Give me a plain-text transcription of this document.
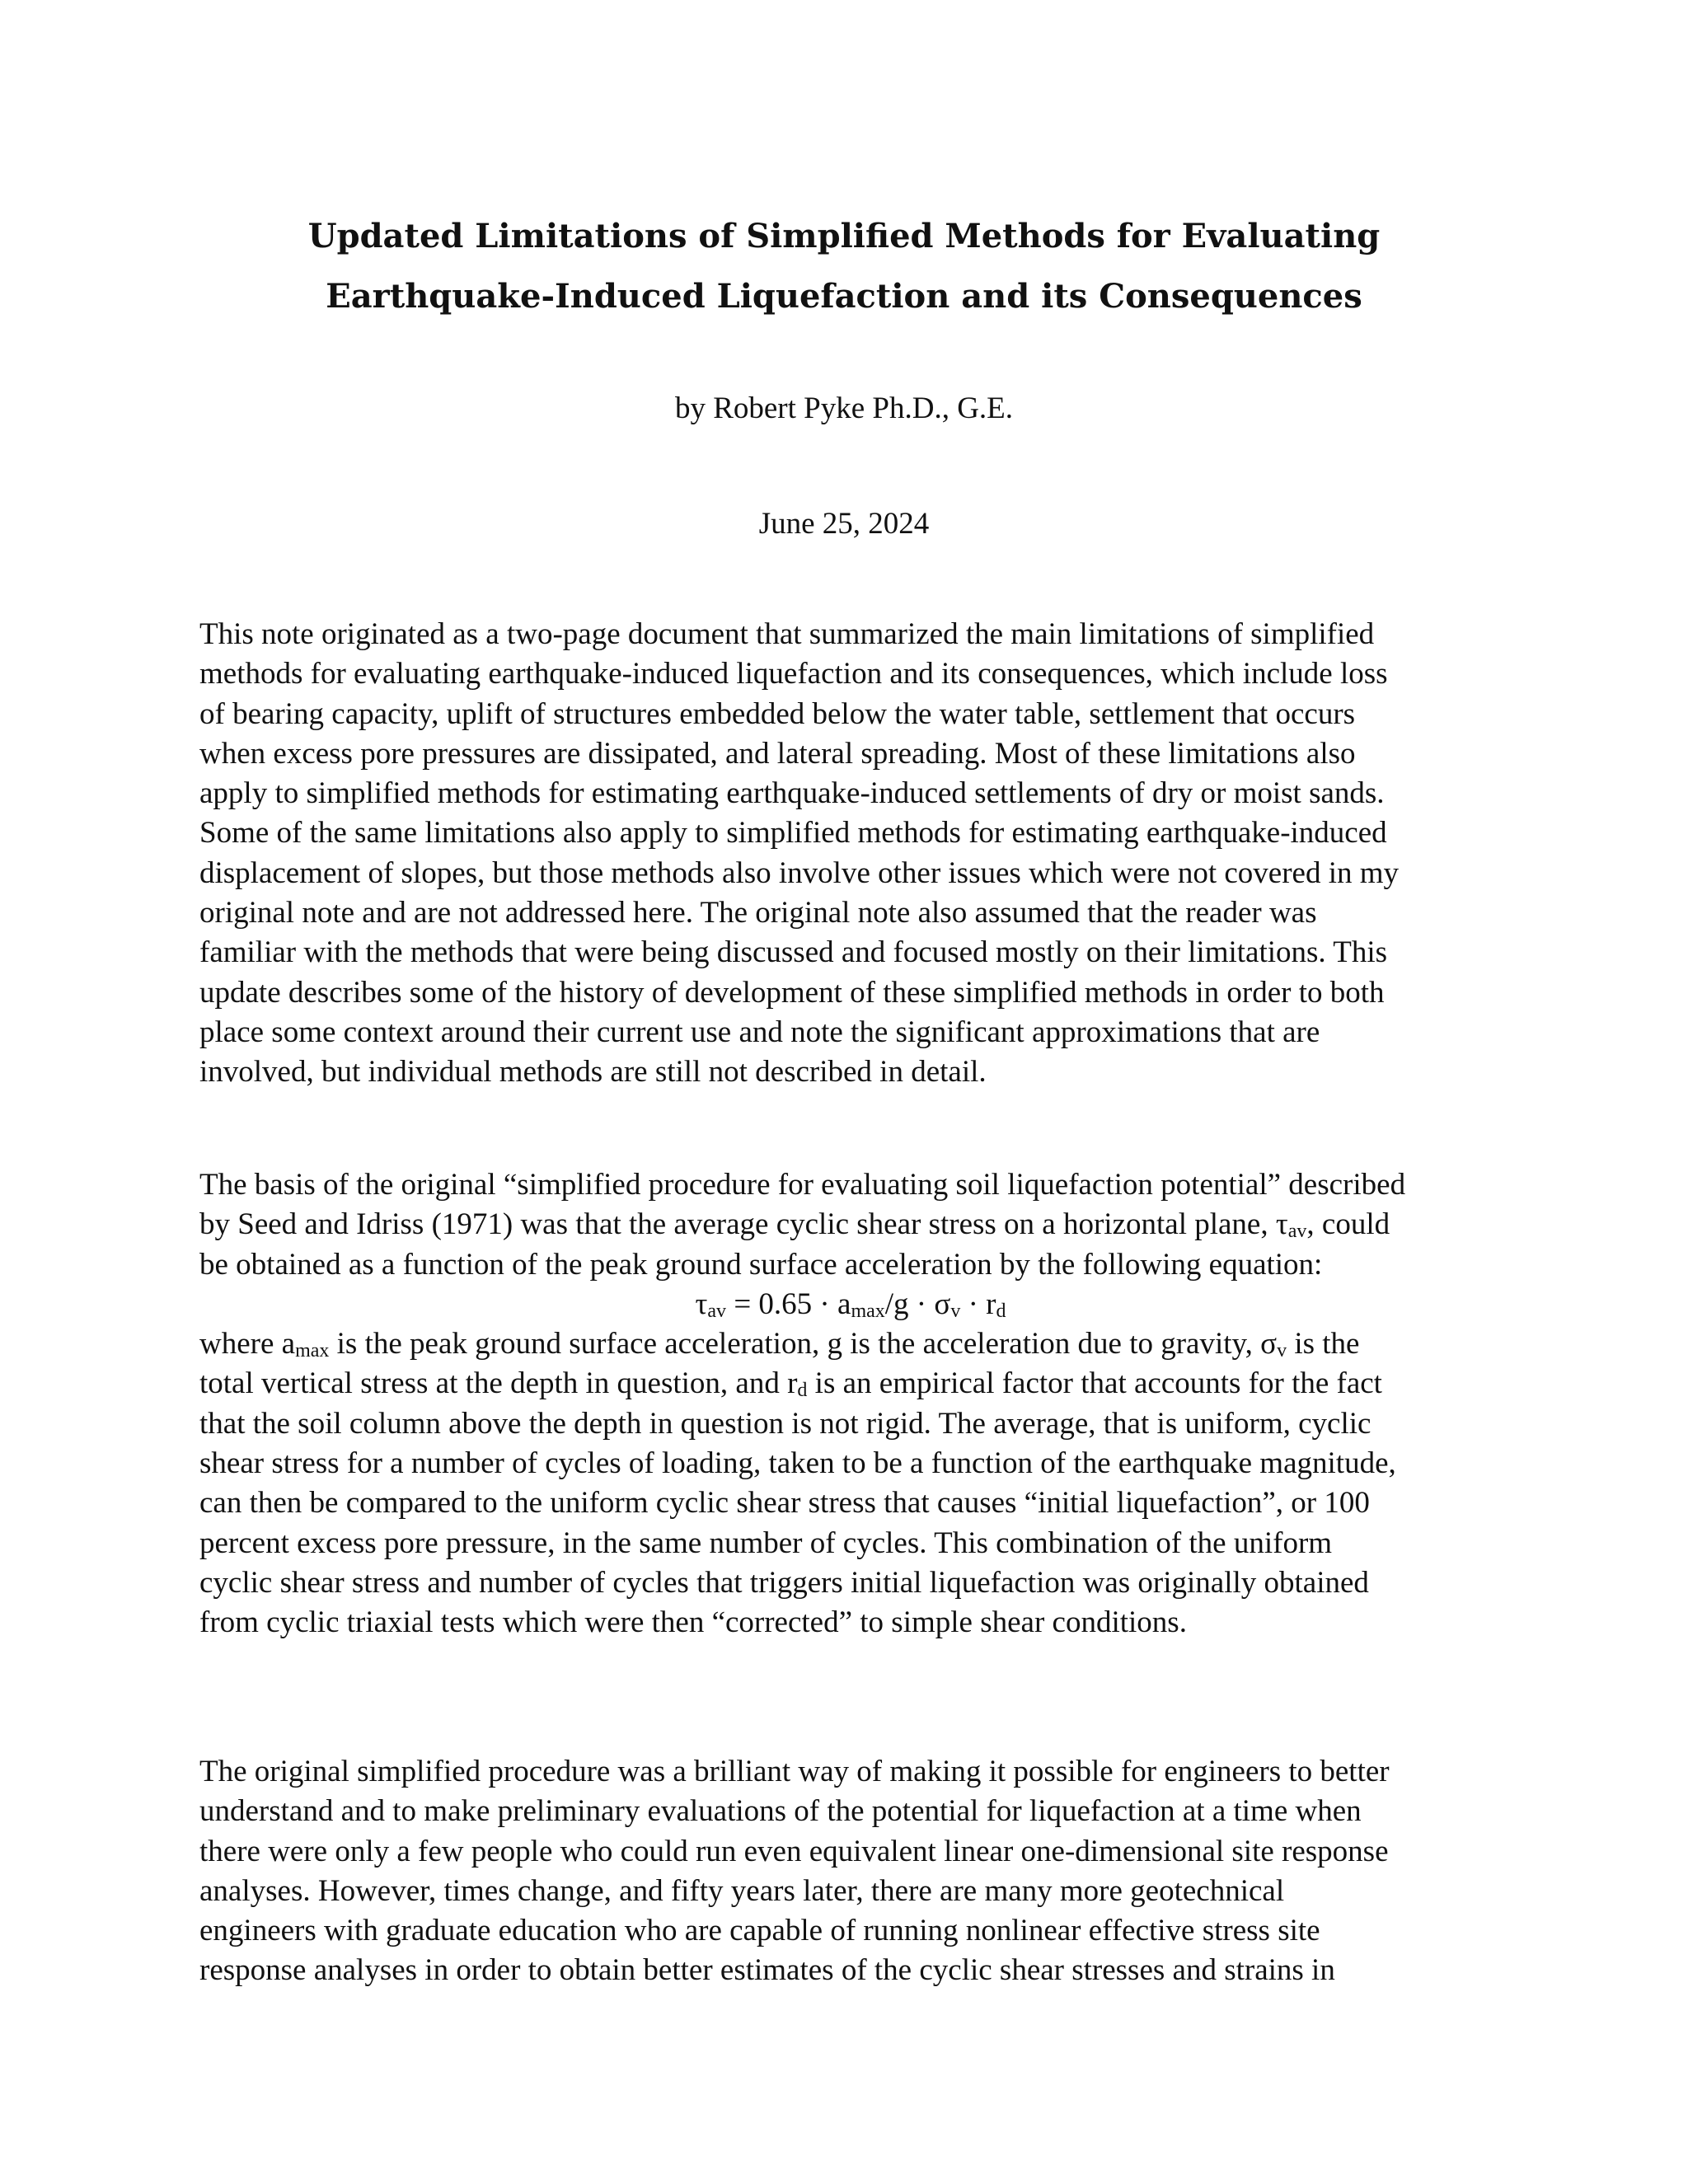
Updated Limitations of Simplified Methods for Evaluating
Earthquake-Induced Liquefaction and its Consequences
by Robert Pyke Ph.D., G.E.
June 25, 2024
This note originated as a two-page document that summarized the main limitations of simplified
methods for evaluating earthquake-induced liquefaction and its consequences, which include loss
of bearing capacity, uplift of structures embedded below the water table, settlement that occurs
when excess pore pressures are dissipated, and lateral spreading. Most of these limitations also
apply to simplified methods for estimating earthquake-induced settlements of dry or moist sands.
Some of the same limitations also apply to simplified methods for estimating earthquake-induced
displacement of slopes, but those methods also involve other issues which were not covered in my
original note and are not addressed here. The original note also assumed that the reader was
familiar with the methods that were being discussed and focused mostly on their limitations. This
update describes some of the history of development of these simplified methods in order to both
place some context around their current use and note the significant approximations that are
involved, but individual methods are still not described in detail.
The basis of the original “simplified procedure for evaluating soil liquefaction potential” described
by Seed and Idriss (1971) was that the average cyclic shear stress on a horizontal plane, $\tau_{av}$, could
be obtained as a function of the peak ground surface acceleration by the following equation:
$\tau_{av} = 0.65 \cdot a_{max}/g \cdot \sigma_v \cdot r_d$
where $a_{max}$ is the peak ground surface acceleration, g is the acceleration due to gravity, $\sigma_v$ is the
total vertical stress at the depth in question, and $r_d$ is an empirical factor that accounts for the fact
that the soil column above the depth in question is not rigid. The average, that is uniform, cyclic
shear stress for a number of cycles of loading, taken to be a function of the earthquake magnitude,
can then be compared to the uniform cyclic shear stress that causes “initial liquefaction”, or 100
percent excess pore pressure, in the same number of cycles. This combination of the uniform
cyclic shear stress and number of cycles that triggers initial liquefaction was originally obtained
from cyclic triaxial tests which were then “corrected” to simple shear conditions.
The original simplified procedure was a brilliant way of making it possible for engineers to better
understand and to make preliminary evaluations of the potential for liquefaction at a time when
there were only a few people who could run even equivalent linear one-dimensional site response
analyses. However, times change, and fifty years later, there are many more geotechnical
engineers with graduate education who are capable of running nonlinear effective stress site
response analyses in order to obtain better estimates of the cyclic shear stresses and strains in
